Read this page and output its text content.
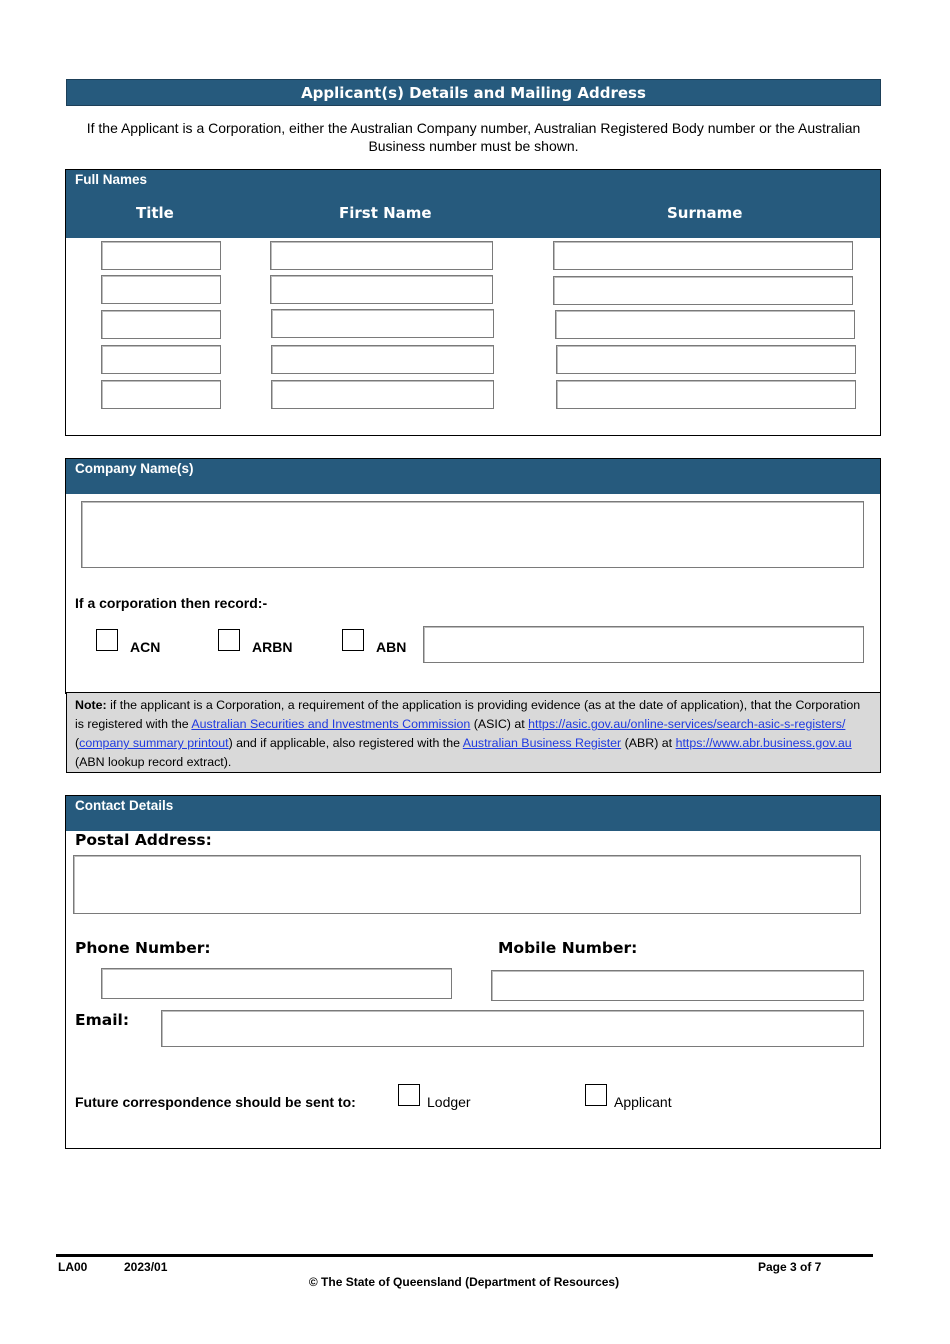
Applicant(s) Details and Mailing Address
If the Applicant is a Corporation, either the Australian Company number, Australian Registered Body number or the Australian Business number must be shown.
Full Names
Title	First Name	Surname
Company Name(s)
If a corporation then record:-
ACN	ARBN	ABN
Note: if the applicant is a Corporation, a requirement of the application is providing evidence (as at the date of application), that the Corporation is registered with the Australian Securities and Investments Commission (ASIC) at https://asic.gov.au/online-services/search-asic-s-registers/ (company summary printout) and if applicable, also registered with the Australian Business Register (ABR) at https://www.abr.business.gov.au (ABN lookup record extract).
Contact Details
Postal Address:
Phone Number:	Mobile Number:
Email:
Future correspondence should be sent to:	Lodger	Applicant
LA00	2023/01	Page 3 of 7
© The State of Queensland (Department of Resources)
